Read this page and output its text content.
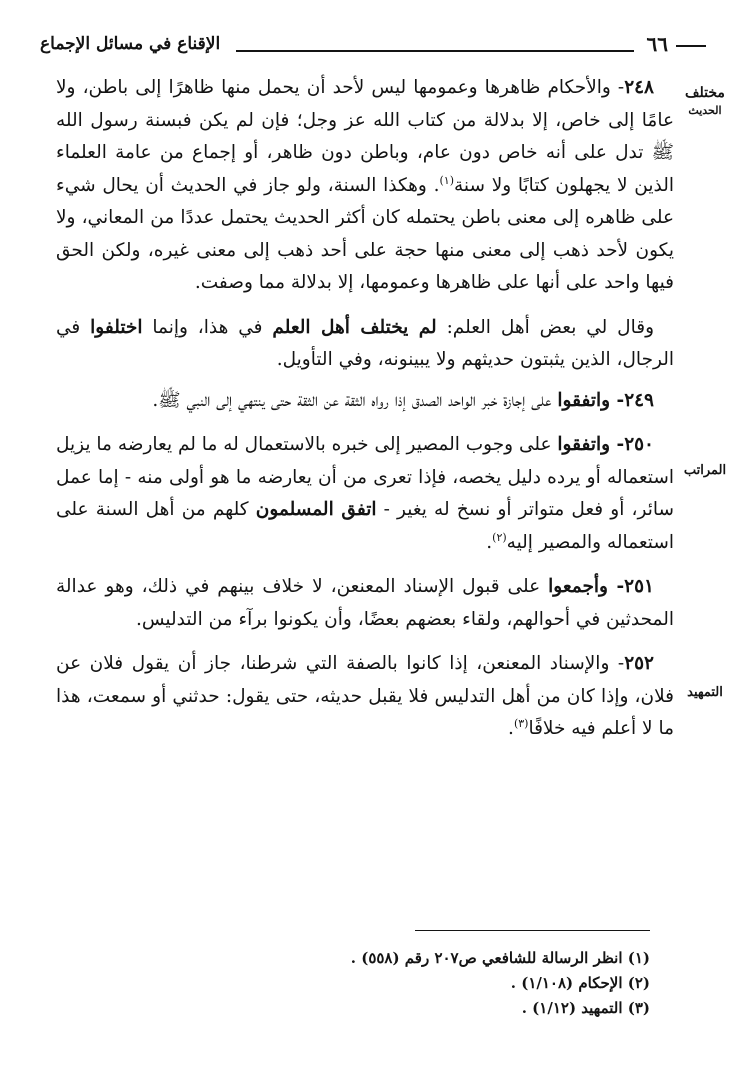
الإقناع في مسائل الإجماع	٦٦
مختلف
الحديث
المراتب
التمهيد

٢٤٨- والأحكام ظاهرها وعمومها ليس لأحد أن يحمل منها ظاهرًا إلى باطن، ولا عامًا إلى خاص، إلا بدلالة من كتاب الله عز وجل؛ فإن لم يكن فبسنة رسول الله ﷺ تدل على أنه خاص دون عام، وباطن دون ظاهر، أو إجماع من عامة العلماء الذين لا يجهلون كتابًا ولا سنة$^{(١)}$. وهكذا السنة، ولو جاز في الحديث أن يحال شيء على ظاهره إلى معنى باطن يحتمله كان أكثر الحديث يحتمل عددًا من المعاني، ولا يكون لأحد ذهب إلى معنى منها حجة على أحد ذهب إلى معنى غيره، ولكن الحق فيها واحد على أنها على ظاهرها وعمومها، إلا بدلالة مما وصفت.

وقال لي بعض أهل العلم: لم يختلف أهل العلم في هذا، وإنما اختلفوا في الرجال، الذين يثبتون حديثهم ولا يبينونه، وفي التأويل.

٢٤٩- واتفقوا على إجازة خبر الواحد الصدق إذا رواه الثقة عن الثقة حتى ينتهي إلى النبي ﷺ.

٢٥٠- واتفقوا على وجوب المصير إلى خبره بالاستعمال له ما لم يعارضه ما يزيل استعماله أو يرده دليل يخصه، فإذا تعرى من أن يعارضه ما هو أولى منه - إما عمل سائر، أو فعل متواتر أو نسخ له يغير - اتفق المسلمون كلهم من أهل السنة على استعماله والمصير إليه$^{(٢)}$.

٢٥١- وأجمعوا على قبول الإسناد المعنعن، لا خلاف بينهم في ذلك، وهو عدالة المحدثين في أحوالهم، ولقاء بعضهم بعضًا، وأن يكونوا برآء من التدليس.

٢٥٢- والإسناد المعنعن، إذا كانوا بالصفة التي شرطنا، جاز أن يقول فلان عن فلان، وإذا كان من أهل التدليس فلا يقبل حديثه، حتى يقول: حدثني أو سمعت، هذا ما لا أعلم فيه خلافًا$^{(٣)}$.

(١) انظر الرسالة للشافعي ص٢٠٧ رقم (٥٥٨) .
(٢) الإحكام (١/١٠٨) .
(٣) التمهيد (١/١٢) .
